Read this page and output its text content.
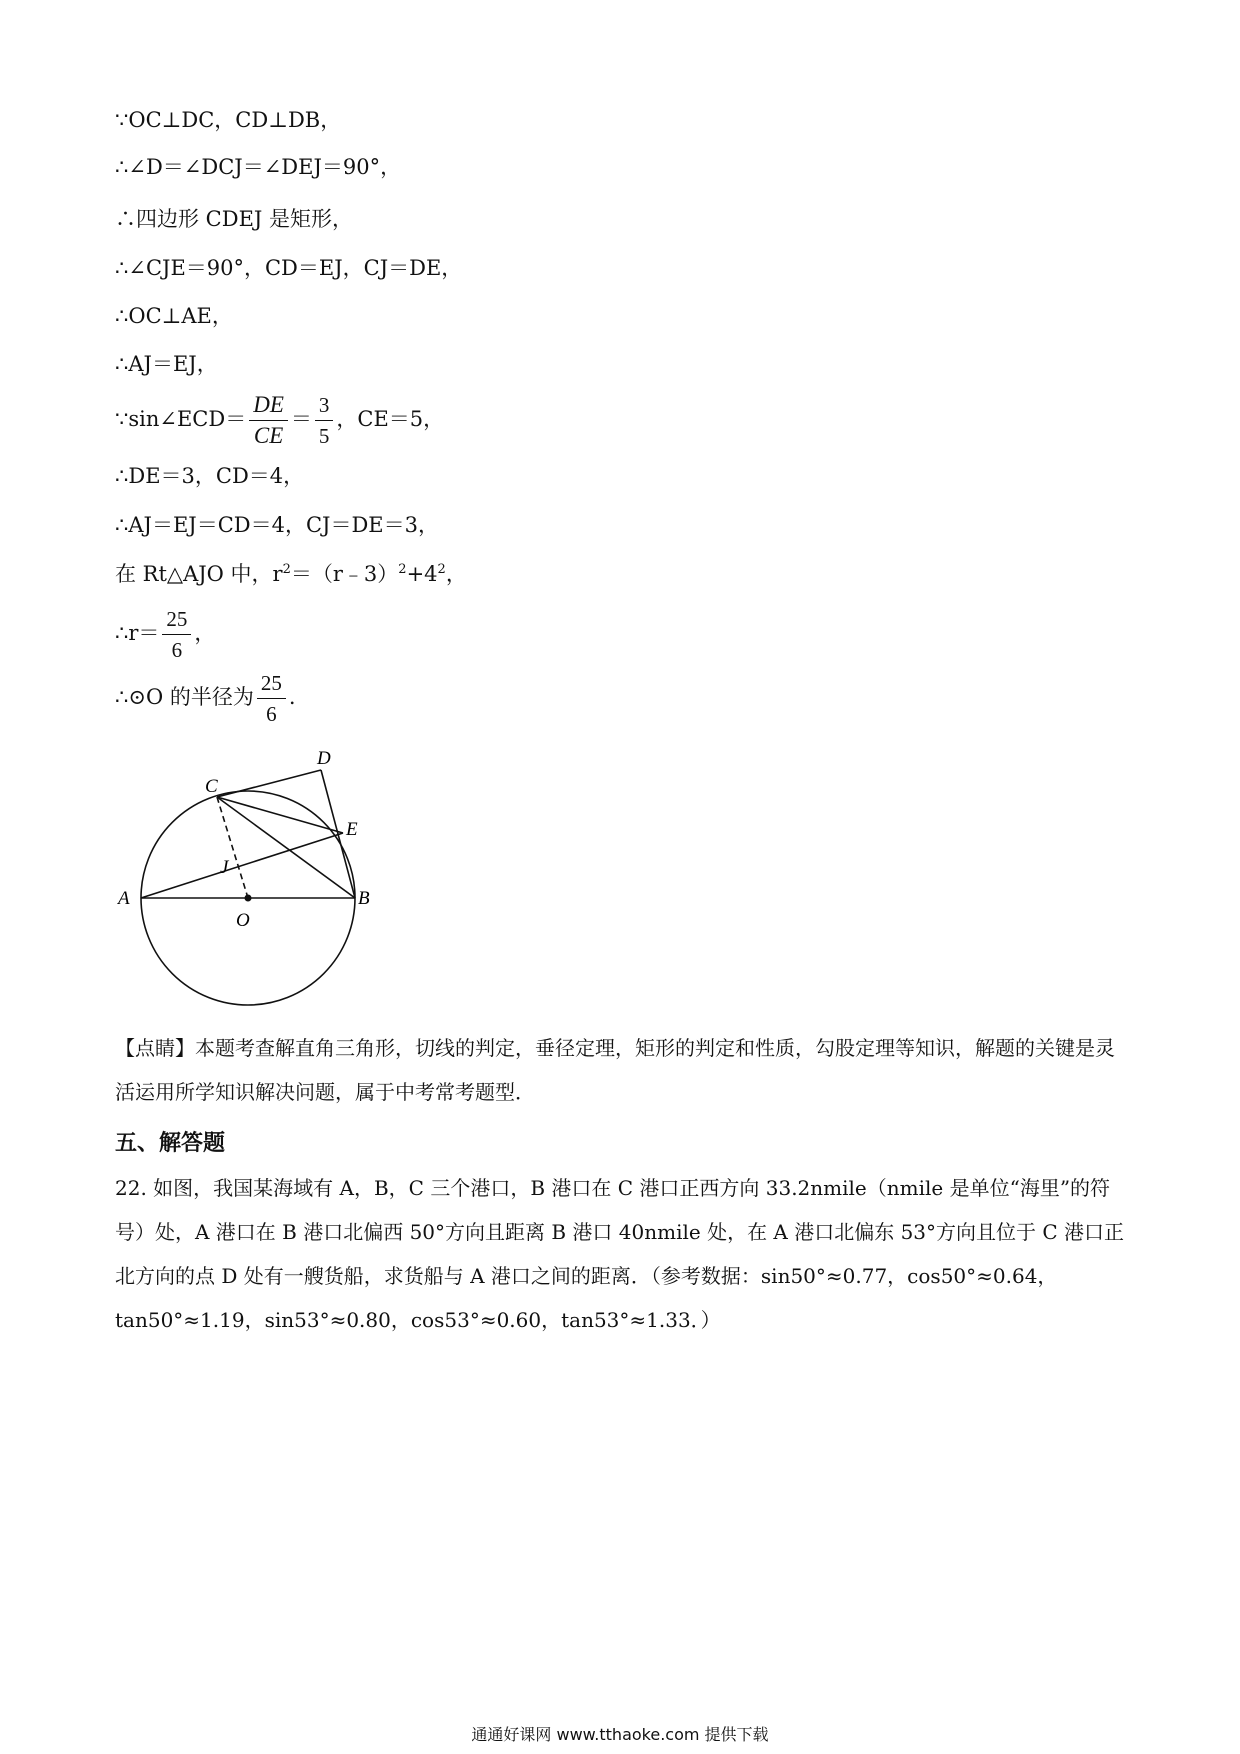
∵OC⊥DC，CD⊥DB，
∴∠D＝∠DCJ＝∠DEJ＝90°，
∴四边形 CDEJ 是矩形，
∴∠CJE＝90°，CD＝EJ，CJ＝DE，
∴OC⊥AE，
∴AJ＝EJ，
∵sin∠ECD＝ $\frac{DE}{CE} = \frac{3}{5}$ ，CE＝5，
∴DE＝3，CD＝4，
∴AJ＝EJ＝CD＝4，CJ＝DE＝3，
在 Rt△AJO 中，$r^2=(r﹣3)^2+4^2$，
∴r＝ $\frac{25}{6}$ ，
∴⊙O 的半径为 $\frac{25}{6}$ .
A	B
C
D
E
J
O
【点睛】本题考查解直角三角形，切线的判定，垂径定理，矩形的判定和性质，勾股定理等知识，解题的关键是灵活运用所学知识解决问题，属于中考常考题型．
五、解答题
22. 如图，我国某海域有 A，B，C 三个港口，B 港口在 C 港口正西方向 33.2nmile（nmile 是单位“海里”的符号）处，A 港口在 B 港口北偏西 50°方向且距离 B 港口 40nmile 处，在 A 港口北偏东 53°方向且位于 C 港口正北方向的点 D 处有一艘货船，求货船与 A 港口之间的距离．（参考数据：sin50°≈0.77，cos50°≈0.64，tan50°≈1.19，sin53°≈0.80，cos53°≈0.60，tan53°≈1.33．）
通通好课网 www.tthaoke.com 提供下载
